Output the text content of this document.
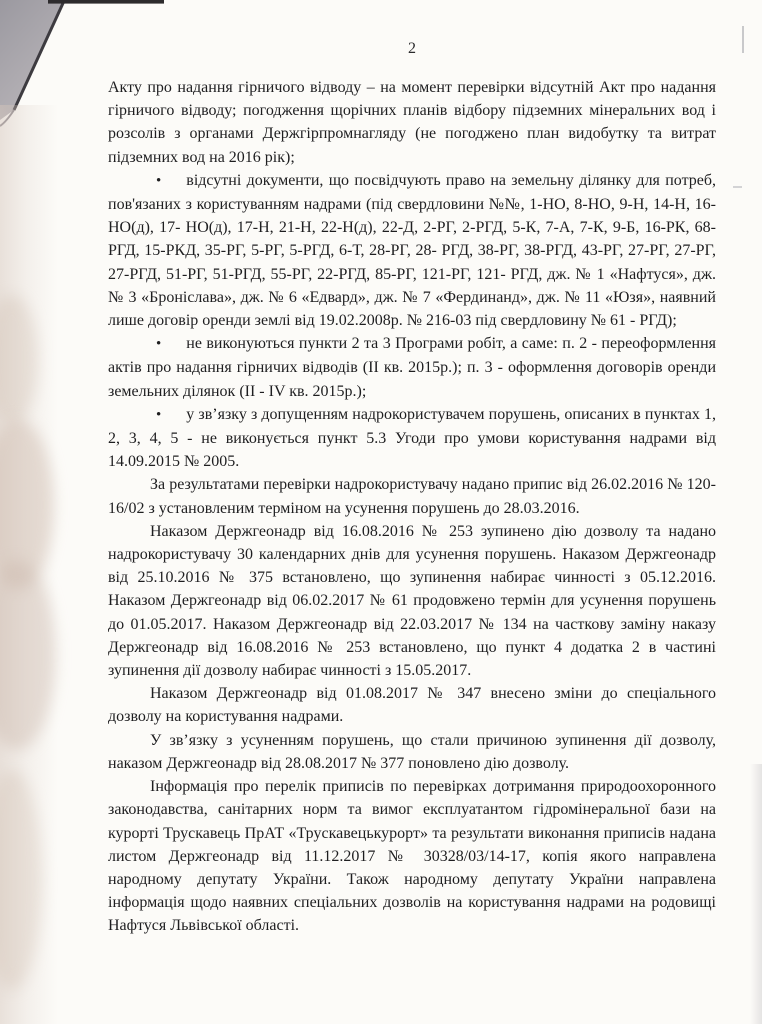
2

Акту про надання гірничого відводу – на момент перевірки відсутній Акт про надання гірничого відводу; погодження щорічних планів відбору підземних мінеральних вод і розсолів з органами Держгірпромнагляду (не погоджено план видобутку та витрат підземних вод на 2016 рік);

• відсутні документи, що посвідчують право на земельну ділянку для потреб, пов'язаних з користуванням надрами (під свердловини №№, 1-НО, 8-НО, 9-Н, 14-Н, 16-НО(д), 17- НО(д), 17-Н, 21-Н, 22-Н(д), 22-Д, 2-РГ, 2-РГД, 5-К, 7-А, 7-К, 9-Б, 16-РК, 68-РГД, 15-РКД, 35-РГ, 5-РГ, 5-РГД, 6-Т, 28-РГ, 28- РГД, 38-РГ, 38-РГД, 43-РГ, 27-РГ, 27-РГ, 27-РГД, 51-РГ, 51-РГД, 55-РГ, 22-РГД, 85-РГ, 121-РГ, 121- РГД, дж. № 1 «Нафтуся», дж. № 3 «Броніслава», дж. № 6 «Едвард», дж. № 7 «Фердинанд», дж. № 11 «Юзя», наявний лише договір оренди землі від 19.02.2008р. № 216-03 під свердловину № 61 - РГД);

• не виконуються пункти 2 та 3 Програми робіт, а саме: п. 2 - переоформлення актів про надання гірничих відводів (II кв. 2015р.); п. 3 - оформлення договорів оренди земельних ділянок (II - IV кв. 2015р.);

• у зв’язку з допущенням надрокористувачем порушень, описаних в пунктах 1, 2, 3, 4, 5 - не виконується пункт 5.3 Угоди про умови користування надрами від 14.09.2015 № 2005.

За результатами перевірки надрокористувачу надано припис від 26.02.2016 № 120-16/02 з установленим терміном на усунення порушень до 28.03.2016.

Наказом Держгеонадр від 16.08.2016 № 253 зупинено дію дозволу та надано надрокористувачу 30 календарних днів для усунення порушень. Наказом Держгеонадр від 25.10.2016 № 375 встановлено, що зупинення набирає чинності з 05.12.2016. Наказом Держгеонадр від 06.02.2017 № 61 продовжено термін для усунення порушень до 01.05.2017. Наказом Держгеонадр від 22.03.2017 № 134 на часткову заміну наказу Держгеонадр від 16.08.2016 № 253 встановлено, що пункт 4 додатка 2 в частині зупинення дії дозволу набирає чинності з 15.05.2017.

Наказом Держгеонадр від 01.08.2017 № 347 внесено зміни до спеціального дозволу на користування надрами.

У зв’язку з усуненням порушень, що стали причиною зупинення дії дозволу, наказом Держгеонадр від 28.08.2017 № 377 поновлено дію дозволу.

Інформація про перелік приписів по перевірках дотримання природоохоронного законодавства, санітарних норм та вимог експлуатантом гідромінеральної бази на курорті Трускавець ПрАТ «Трускавецькурорт» та результати виконання приписів надана листом Держгеонадр від 11.12.2017 № 30328/03/14-17, копія якого направлена народному депутату України. Також народному депутату України направлена інформація щодо наявних спеціальних дозволів на користування надрами на родовищі Нафтуся Львівської області.
